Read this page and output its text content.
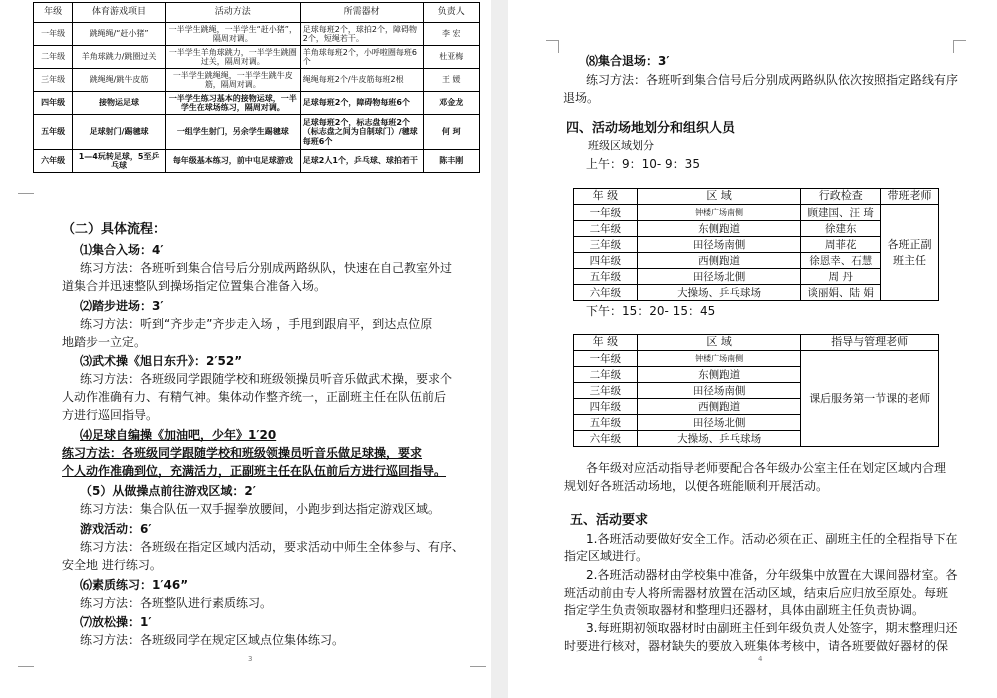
年级	体育游戏项目	活动方法	所需器材	负责人
一年级	跳绳绳/“赶小猪”	一半学生跳绳，一半学生“赶小猪”，隔周对调。	足球每班2个，球拍2个，障碍物2个，短绳若干。	李 宏
二年级	羊角球跳力/跳圈过关	一半学生羊角球跳力，一半学生跳圈过关，隔周对调。	羊角球每班2个，小呼啦圈每班6个	杜亚梅
三年级	跳绳绳/跳牛皮筋	一半学生跳绳绳，一半学生跳牛皮筋，隔周对调。	绳绳每班2个/牛皮筋每班2根	王 媛
四年级	接物运足球	一半学生练习基本的接物运球，一半学生在球场练习，隔周对调。	足球每班2个，障碍物每班6个	邓金龙
五年级	足球射门/踢毽球	一组学生射门，另余学生踢毽球	足球每班2个，标志盘每班2个（标志盘之间为自制球门）/毽球每班6个	何 珂
六年级	1—4玩转足球，5至乒乓球	每年级基本练习，前中屯足球游戏	足球2人1个，乒乓球、球拍若干	陈丰刚
（二）具体流程：
⑴集合入场：4′
练习方法：各班听到集合信号后分别成两路纵队，快速在自己教室外过
道集合并迅速整队到操场指定位置集合准备入场。
⑵踏步进场：3′
练习方法：听到“齐步走”齐步走入场 ，手甩到跟肩平，到达点位原
地踏步一立定。
⑶武术操《旭日东升》：2′52”
练习方法：各班级同学跟随学校和班级领操员听音乐做武术操，要求个
人动作准确有力、有精气神。集体动作整齐统一，正副班主任在队伍前后
方进行巡回指导。
⑷足球自编操《加油吧，少年》1′20
练习方法：各班级同学跟随学校和班级领操员听音乐做足球操，要求
个人动作准确到位，充满活力，正副班主任在队伍前后方进行巡回指导。
（5）从做操点前往游戏区域：2′
练习方法：集合队伍一双手握拳放腰间，小跑步到达指定游戏区域。
游戏活动：6′
练习方法：各班级在指定区域内活动，要求活动中师生全体参与、有序、
安全地 进行练习。
⑹素质练习：1′46”
练习方法：各班整队进行素质练习。
⑺放松操：1′
练习方法：各班级同学在规定区域点位集体练习。
3
⑻集合退场：3′
练习方法：各班听到集合信号后分别成两路纵队依次按照指定路线有序
退场。
四、活动场地划分和组织人员
班级区域划分
上午：9：10- 9：35
年 级	区 域	行政检查	带班老师
一年级	钟楼广场南侧	顾建国、汪 琦	各班正副班主任
二年级	东侧跑道	徐建东	
三年级	田径场南側	周菲花	
四年级	西侧跑道	徐恩幸、石慧	
五年级	田径场北側	周 丹	
六年级	大操场、乒乓球场	谈丽娟、陆 娟	
下午：15：20- 15：45
年 级	区 域	指导与管理老师
一年级	钟楼广场南侧	课后服务第一节课的老师
二年级	东侧跑道	
三年级	田径场南側	
四年级	西侧跑道	
五年级	田径场北側	
六年级	大操场、乒乓球场	
各年级对应活动指导老师要配合各年级办公室主任在划定区域内合理
规划好各班活动场地，以便各班能顺利开展活动。
五、活动要求
1.各班活动要做好安全工作。活动必须在正、副班主任的全程指导下在
指定区域进行。
2.各班活动器材由学校集中准备，分年级集中放置在大课间器材室。各
班活动前由专人将所需器材放置在活动区域，结束后应归放至原处。每班
指定学生负责领取器材和整理归还器材，具体由副班主任负责协调。
3.每班期初领取器材时由副班主任到年级负责人处签字，期末整理归还
时要进行核对，器材缺失的要放入班集体考核中，请各班要做好器材的保
4
